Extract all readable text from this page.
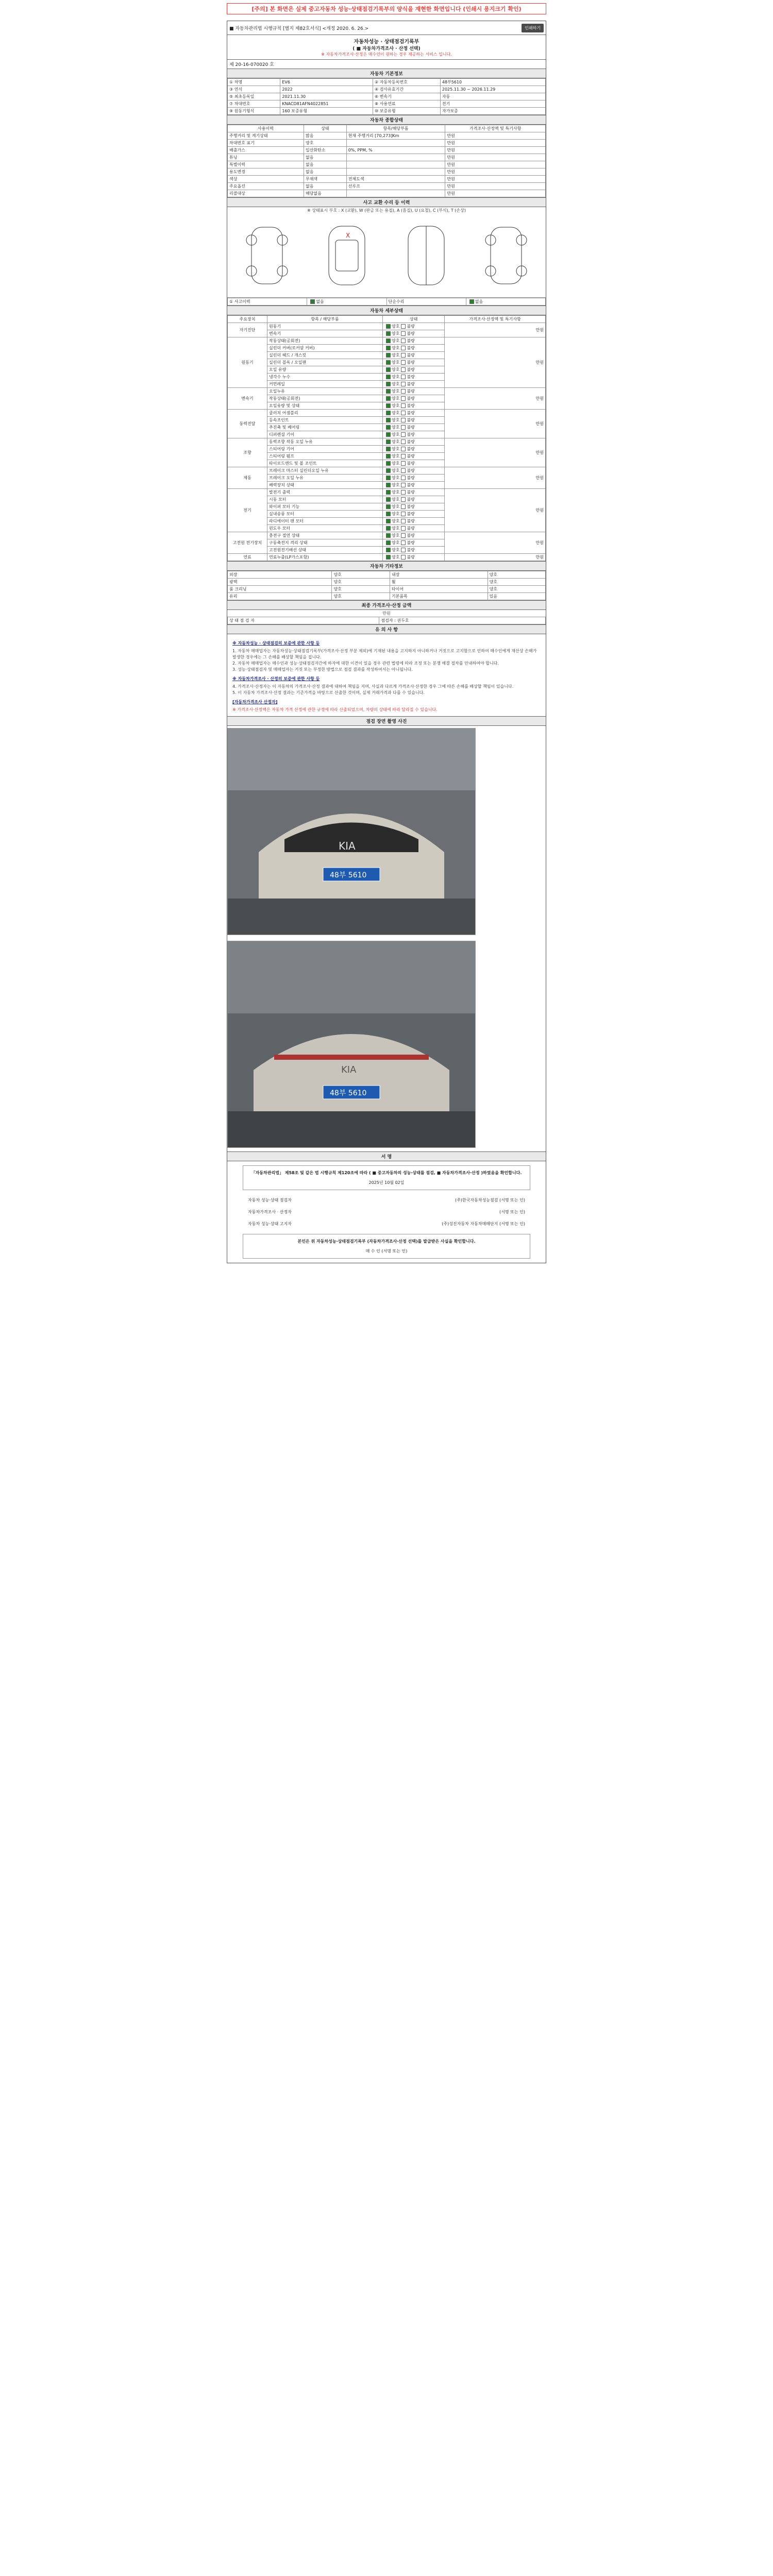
[주의] 본 화면은 실제 중고자동차 성능·상태점검기록부의 양식을 재현한 화면입니다 (인쇄시 용지크기 확인)
■ 자동차관리법 시행규칙 [별지 제82호서식] <개정 2020. 6. 26.>	인쇄하기
자동차성능 · 상태점검기록부
( ■ 자동차가격조사 · 산정 선택)
※ 자동차가격조사·산정은 매수인이 원하는 경우 제공하는 서비스 입니다.
제 20-16-070020 호
자동차 기본정보
① 차명	EV6	② 자동차등록번호	48부5610
③ 연식	2022	④ 검사유효기간	2025.11.30 ~ 2026.11.29
⑤ 최초등록일	2021.11.30	⑥ 변속기	자동
⑦ 차대번호	KNACD81AFN4022851	⑧ 사용연료	전기
⑨ 원동기형식	160 보증유형	⑩ 보증유형	자가보증
자동차 종합상태
사용이력	상태	항목/해당부품	가격조사·산정액 및 특기사항
주행거리 및 계기상태	많음	현재 주행거리 [70,273]Km	만원
차대번호 표기	양호		만원
배출가스	일산화탄소	0%, PPM, %	만원
튜닝	없음		만원
특별이력	없음		만원
용도변경	없음		만원
색상	무채색	전체도색	만원
주요옵션	없음	선루프	만원
리콜대상	해당없음		만원
사고 교환 수리 등 이력
※ 상태표시 부호 : X (교환), W (판금 또는 용접), A (흠집), U (요철), C (부식), T (손상)
X
① 사고이력	없음	단순수리	없음
자동차 세부상태
주요장치	항목 / 해당부품	상태	가격조사·산정액 및 특기사항
자기진단	원동기	양호 불량	만원
	변속기	양호 불량	
원동기	작동상태(공회전)	양호 불량	만원
	실린더 커버(로커암 커버)	양호 불량	
	실린더 헤드 / 개스킷	양호 불량	
	실린더 블록 / 오일팬	양호 불량	
	오일 유량	양호 불량	
	냉각수 누수	양호 불량	
	커먼레일	양호 불량	
변속기	오일누유	양호 불량	만원
	작동상태(공회전)	양호 불량	
	오일유량 및 상태	양호 불량	
동력전달	클러치 어셈블리	양호 불량	만원
	등속조인트	양호 불량	
	추진축 및 베어링	양호 불량	
	디퍼렌셜 기어	양호 불량	
조향	동력조향 작동 오일 누유	양호 불량	만원
	스티어링 기어	양호 불량	
	스티어링 펌프	양호 불량	
	타이로드엔드 및 볼 조인트	양호 불량	
제동	브레이크 마스터 실린더오일 누유	양호 불량	만원
	브레이크 오일 누유	양호 불량	
	배력장치 상태	양호 불량	
전기	발전기 출력	양호 불량	만원
	시동 모터	양호 불량	
	와이퍼 모터 기능	양호 불량	
	실내송풍 모터	양호 불량	
	라디에이터 팬 모터	양호 불량	
	윈도우 모터	양호 불량	
고전원 전기장치	충전구 절연 상태	양호 불량	만원
	구동축전지 격리 상태	양호 불량	
	고전원전기배선 상태	양호 불량	
연료	연료누출(LP가스포함)	양호 불량	만원
자동차 기타정보
외장	양호	내장	양호
광택	양호	휠	양호
룸 크리닝	양호	타이어	양호
유리	양호	기본품목	있음
최종 가격조사·산정 금액
만원
상 태 점 검 자	점검자 : 권두호
유 의 사 항
※ 자동차성능 · 상태점검의 보증에 관한 사항 등
1. 자동차 매매업자는 자동차성능·상태점검기록부(가격조사·산정 부분 제외)에 기재된 내용을 고지하지 아니하거나 거짓으로 고지함으로 인하여 매수인에게 재산상 손해가 발생한 경우에는 그 손해를 배상할 책임을 집니다.
2. 자동차 매매업자는 매수인과 성능·상태점검자간에 하자에 대한 이견이 있을 경우 관련 법령에 따라 조정 또는 분쟁 해결 절차를 안내하여야 합니다.
3. 성능·상태점검자 및 매매업자는 거짓 또는 부정한 방법으로 점검 결과를 작성하여서는 아니됩니다.
※ 자동차가격조사 · 산정의 보증에 관한 사항 등
4. 가격조사·산정자는 이 자동차의 가격조사·산정 결과에 대하여 책임을 지며, 사실과 다르게 가격조사·산정한 경우 그에 따른 손해를 배상할 책임이 있습니다.
5. 이 자동차 가격조사·산정 결과는 기준가격을 바탕으로 산출한 것이며, 실제 거래가격과 다를 수 있습니다.
[자동차가격조사 산정자]
※ 가격조사·산정액은 자동차 가격 산정에 관한 규정에 따라 산출되었으며, 차량의 상태에 따라 달라질 수 있습니다.
점검 장면 촬영 사진
KIA
48부 5610

KIA
48부 5610
서 명
「자동차관리법」 제58조 및 같은 법 시행규칙 제120조에 따라 ( ■ 중고자동차의 성능·상태를 점검, ■ 자동차가격조사·산정 )하였음을 확인합니다.
2025년 10월 02일
자동차 성능·상태 점검자	(주)한국자동차성능점검 (서명 또는 인)
자동차가격조사 · 산정자	(서명 또는 인)
자동차 성능·상태 고지자	(주)성진자동차 자동차매매단지 (서명 또는 인)
본인은 위 자동차성능·상태점검기록부 (자동차가격조사·산정 선택)를 발급받은 사실을 확인합니다.
매 수 인 (서명 또는 인)
